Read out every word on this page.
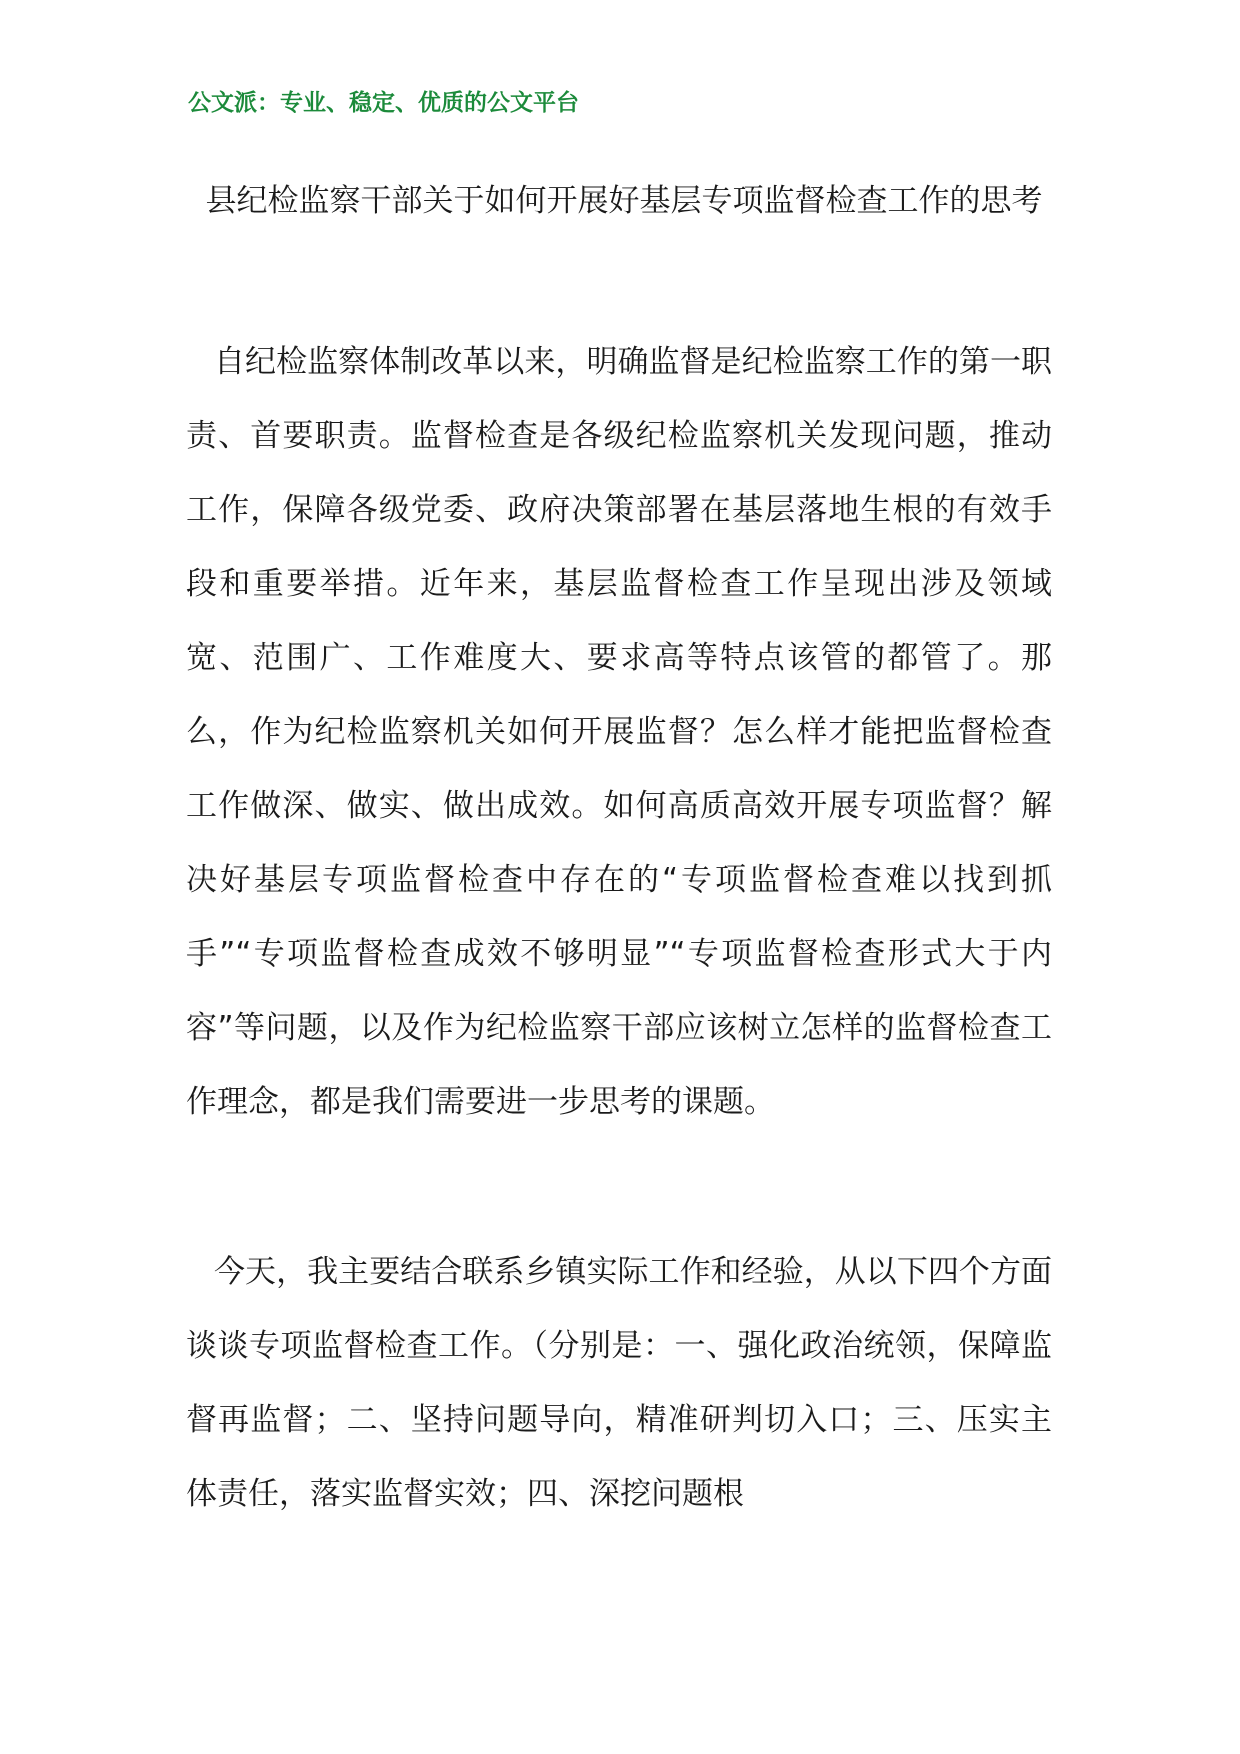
公文派：专业、稳定、优质的公文平台
县纪检监察干部关于如何开展好基层专项监督检查工作的思考

自纪检监察体制改革以来，明确监督是纪检监察工作的第一职责、首要职责。监督检查是各级纪检监察机关发现问题，推动工作，保障各级党委、政府决策部署在基层落地生根的有效手段和重要举措。近年来，基层监督检查工作呈现出涉及领域宽、范围广、工作难度大、要求高等特点该管的都管了。那么，作为纪检监察机关如何开展监督？怎么样才能把监督检查工作做深、做实、做出成效。如何高质高效开展专项监督？解决好基层专项监督检查中存在的“专项监督检查难以找到抓手”“专项监督检查成效不够明显”“专项监督检查形式大于内容”等问题，以及作为纪检监察干部应该树立怎样的监督检查工作理念，都是我们需要进一步思考的课题。

今天，我主要结合联系乡镇实际工作和经验，从以下四个方面谈谈专项监督检查工作。（分别是：一、强化政治统领，保障监督再监督；二、坚持问题导向，精准研判切入口；三、压实主体责任，落实监督实效；四、深挖问题根
